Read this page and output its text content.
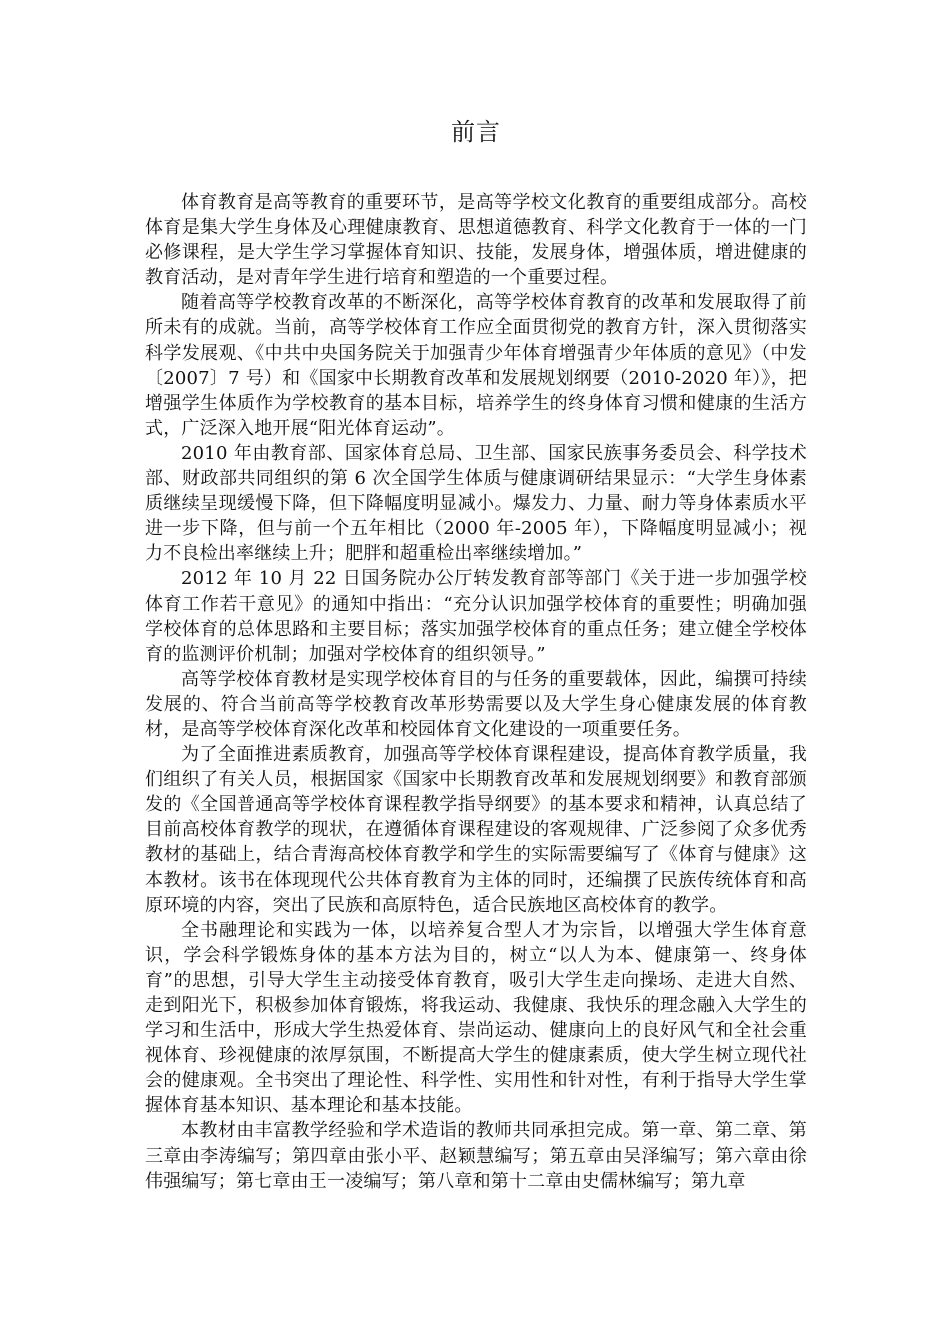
前言

体育教育是高等教育的重要环节，是高等学校文化教育的重要组成部分。高校体育是集大学生身体及心理健康教育、思想道德教育、科学文化教育于一体的一门必修课程，是大学生学习掌握体育知识、技能，发展身体，增强体质，增进健康的教育活动，是对青年学生进行培育和塑造的一个重要过程。

随着高等学校教育改革的不断深化，高等学校体育教育的改革和发展取得了前所未有的成就。当前，高等学校体育工作应全面贯彻党的教育方针，深入贯彻落实科学发展观、《中共中央国务院关于加强青少年体育增强青少年体质的意见》（中发〔2007〕7 号）和《国家中长期教育改革和发展规划纲要（2010-2020 年）》，把增强学生体质作为学校教育的基本目标，培养学生的终身体育习惯和健康的生活方式，广泛深入地开展“阳光体育运动”。

2010 年由教育部、国家体育总局、卫生部、国家民族事务委员会、科学技术部、财政部共同组织的第 6 次全国学生体质与健康调研结果显示：“大学生身体素质继续呈现缓慢下降，但下降幅度明显减小。爆发力、力量、耐力等身体素质水平进一步下降，但与前一个五年相比（2000 年-2005 年），下降幅度明显减小；视力不良检出率继续上升；肥胖和超重检出率继续增加。”

2012 年 10 月 22 日国务院办公厅转发教育部等部门《关于进一步加强学校体育工作若干意见》的通知中指出：“充分认识加强学校体育的重要性；明确加强学校体育的总体思路和主要目标；落实加强学校体育的重点任务；建立健全学校体育的监测评价机制；加强对学校体育的组织领导。”

高等学校体育教材是实现学校体育目的与任务的重要载体，因此，编撰可持续发展的、符合当前高等学校教育改革形势需要以及大学生身心健康发展的体育教材，是高等学校体育深化改革和校园体育文化建设的一项重要任务。

为了全面推进素质教育，加强高等学校体育课程建设，提高体育教学质量，我们组织了有关人员，根据国家《国家中长期教育改革和发展规划纲要》和教育部颁发的《全国普通高等学校体育课程教学指导纲要》的基本要求和精神，认真总结了目前高校体育教学的现状，在遵循体育课程建设的客观规律、广泛参阅了众多优秀教材的基础上，结合青海高校体育教学和学生的实际需要编写了《体育与健康》这本教材。该书在体现现代公共体育教育为主体的同时，还编撰了民族传统体育和高原环境的内容，突出了民族和高原特色，适合民族地区高校体育的教学。

全书融理论和实践为一体，以培养复合型人才为宗旨，以增强大学生体育意识，学会科学锻炼身体的基本方法为目的，树立“以人为本、健康第一、终身体育”的思想，引导大学生主动接受体育教育，吸引大学生走向操场、走进大自然、走到阳光下，积极参加体育锻炼，将我运动、我健康、我快乐的理念融入大学生的学习和生活中，形成大学生热爱体育、崇尚运动、健康向上的良好风气和全社会重视体育、珍视健康的浓厚氛围，不断提高大学生的健康素质，使大学生树立现代社会的健康观。全书突出了理论性、科学性、实用性和针对性，有利于指导大学生掌握体育基本知识、基本理论和基本技能。

本教材由丰富教学经验和学术造诣的教师共同承担完成。第一章、第二章、第三章由李涛编写；第四章由张小平、赵颖慧编写；第五章由吴泽编写；第六章由徐伟强编写；第七章由王一凌编写；第八章和第十二章由史儒林编写；第九章
